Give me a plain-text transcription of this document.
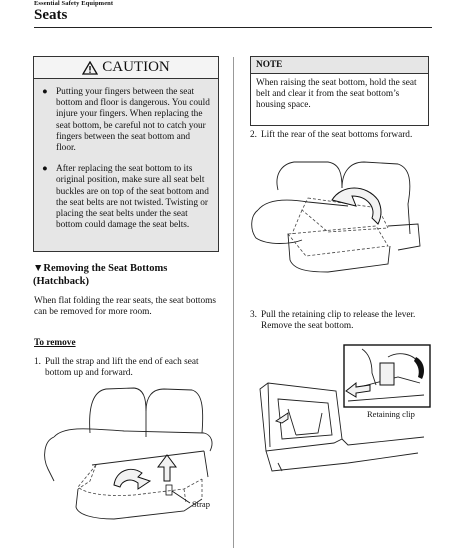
Essential Safety Equipment
Seats
CAUTION
● Putting your fingers between the seat bottom and floor is dangerous. You could injure your fingers. When replacing the seat bottom, be careful not to catch your fingers between the seat bottom and floor.
● After replacing the seat bottom to its original position, make sure all seat belt buckles are on top of the seat bottom and the seat belts are not twisted. Twisting or placing the seat belts under the seat bottom could damage the seat belts.
▼Removing the Seat Bottoms (Hatchback)
When flat folding the rear seats, the seat bottoms can be removed for more room.
To remove
1. Pull the strap and lift the end of each seat bottom up and forward.
Strap
NOTE
When raising the seat bottom, hold the seat belt and clear it from the seat bottom’s housing space.
2. Lift the rear of the seat bottoms forward.
3. Pull the retaining clip to release the lever. Remove the seat bottom.
Retaining clip
